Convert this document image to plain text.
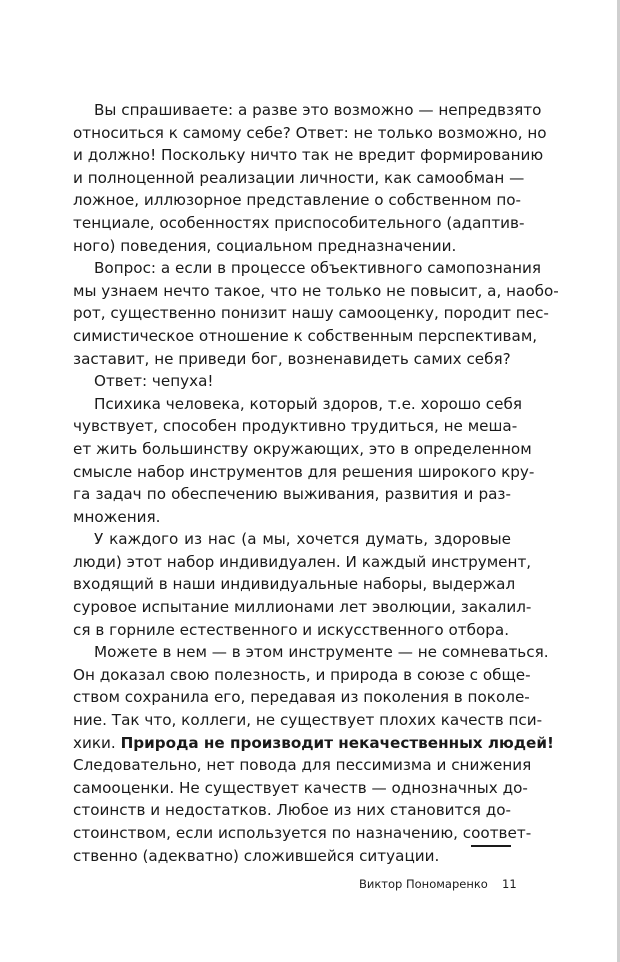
Вы спрашиваете: а разве это возможно — непредвзято
относиться к самому себе? Ответ: не только возможно, но
и должно! Поскольку ничто так не вредит формированию
и полноценной реализации личности, как самообман —
ложное, иллюзорное представление о собственном по-
тенциале, особенностях приспособительного (адаптив-
ного) поведения, социальном предназначении.
Вопрос: а если в процессе объективного самопознания
мы узнаем нечто такое, что не только не повысит, а, наобо-
рот, существенно понизит нашу самооценку, породит пес-
симистическое отношение к собственным перспективам,
заставит, не приведи бог, возненавидеть самих себя?
Ответ: чепуха!
Психика человека, который здоров, т.е. хорошо себя
чувствует, способен продуктивно трудиться, не меша-
ет жить большинству окружающих, это в определенном
смысле набор инструментов для решения широкого кру-
га задач по обеспечению выживания, развития и раз-
множения.
У каждого из нас (а мы, хочется думать, здоровые
люди) этот набор индивидуален. И каждый инструмент,
входящий в наши индивидуальные наборы, выдержал
суровое испытание миллионами лет эволюции, закалил-
ся в горниле естественного и искусственного отбора.
Можете в нем — в этом инструменте — не сомневаться.
Он доказал свою полезность, и природа в союзе с обще-
ством сохранила его, передавая из поколения в поколе-
ние. Так что, коллеги, не существует плохих качеств пси-
хики. Природа не производит некачественных людей!
Следовательно, нет повода для пессимизма и снижения
самооценки. Не существует качеств — однозначных до-
стоинств и недостатков. Любое из них становится до-
стоинством, если используется по назначению, соответ-
ственно (адекватно) сложившейся ситуации.
Виктор Пономаренко 11
